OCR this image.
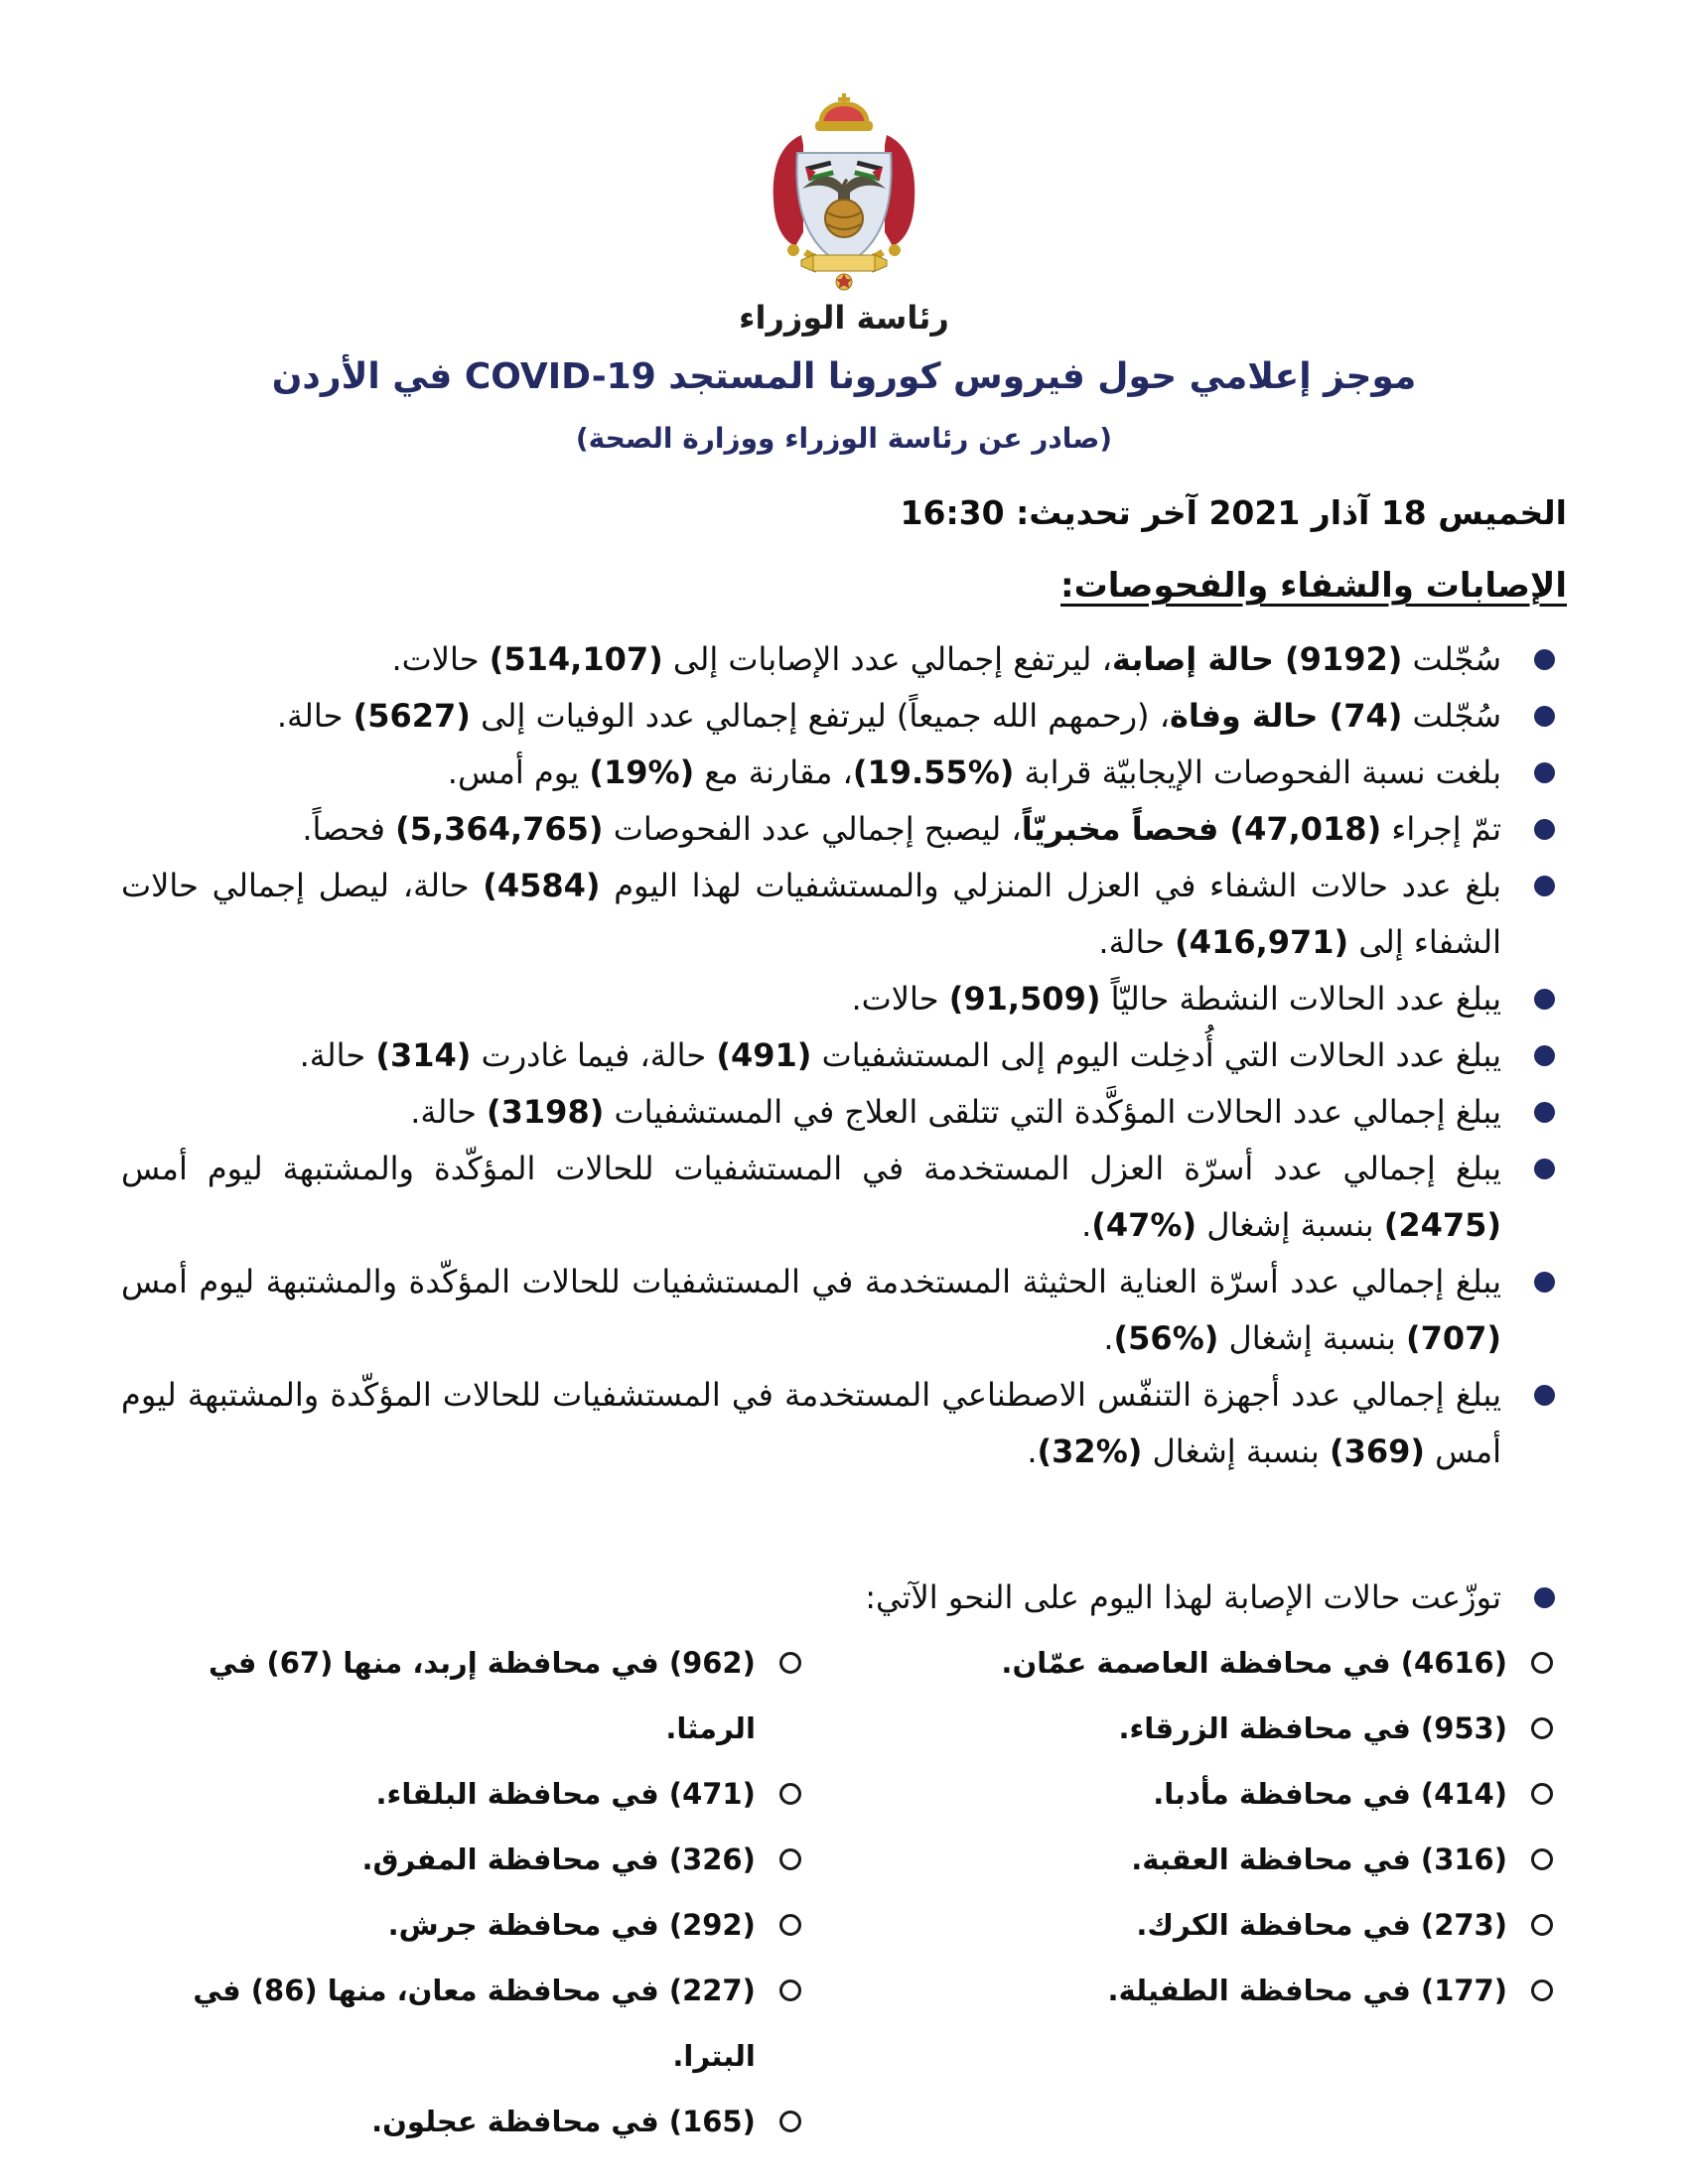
رئاسة الوزراء
موجز إعلامي حول فيروس كورونا المستجد COVID-19 في الأردن
(صادر عن رئاسة الوزراء ووزارة الصحة)
الخميس 18 آذار 2021 آخر تحديث: 16:30
الإصابات والشفاء والفحوصات:
سُجّلت (9192) حالة إصابة، ليرتفع إجمالي عدد الإصابات إلى (514,107) حالات.
سُجّلت (74) حالة وفاة، (رحمهم الله جميعاً) ليرتفع إجمالي عدد الوفيات إلى (5627) حالة.
بلغت نسبة الفحوصات الإيجابيّة قرابة (%19.55)، مقارنة مع (%19) يوم أمس.
تمّ إجراء (47,018) فحصاً مخبريّاً، ليصبح إجمالي عدد الفحوصات (5,364,765) فحصاً.
بلغ عدد حالات الشفاء في العزل المنزلي والمستشفيات لهذا اليوم (4584) حالة، ليصل إجمالي حالات الشفاء إلى (416,971) حالة.
يبلغ عدد الحالات النشطة حاليّاً (91,509) حالات.
يبلغ عدد الحالات التي أُدخِلت اليوم إلى المستشفيات (491) حالة، فيما غادرت (314) حالة.
يبلغ إجمالي عدد الحالات المؤكَّدة التي تتلقى العلاج في المستشفيات (3198) حالة.
يبلغ إجمالي عدد أسرّة العزل المستخدمة في المستشفيات للحالات المؤكّدة والمشتبهة ليوم أمس (2475) بنسبة إشغال (%47).
يبلغ إجمالي عدد أسرّة العناية الحثيثة المستخدمة في المستشفيات للحالات المؤكّدة والمشتبهة ليوم أمس (707) بنسبة إشغال (%56).
يبلغ إجمالي عدد أجهزة التنفّس الاصطناعي المستخدمة في المستشفيات للحالات المؤكّدة والمشتبهة ليوم أمس (369) بنسبة إشغال (%32).
توزّعت حالات الإصابة لهذا اليوم على النحو الآتي:
(4616) في محافظة العاصمة عمّان.
(953) في محافظة الزرقاء.
(414) في محافظة مأدبا.
(316) في محافظة العقبة.
(273) في محافظة الكرك.
(177) في محافظة الطفيلة.
(962) في محافظة إربد، منها (67) في الرمثا.
(471) في محافظة البلقاء.
(326) في محافظة المفرق.
(292) في محافظة جرش.
(227) في محافظة معان، منها (86) في البترا.
(165) في محافظة عجلون.
